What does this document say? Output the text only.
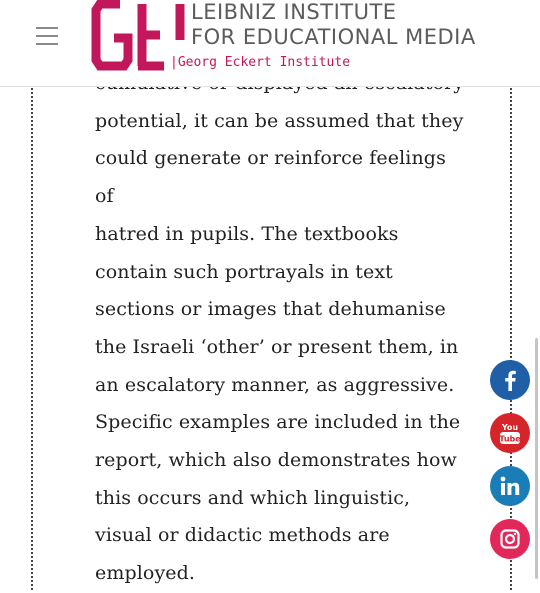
LEIBNIZ INSTITUTE
FOR EDUCATIONAL MEDIA
|Georg Eckert Institute

potential, it can be assumed that they

could generate or reinforce feelings of

hatred in pupils. The textbooks

contain such portrayals in text

sections or images that dehumanise

the Israeli ‘other’ or present them, in

an escalatory manner, as aggressive.

Specific examples are included in the

report, which also demonstrates how

this occurs and which linguistic,

visual or didactic methods are

employed.

You
Tube
